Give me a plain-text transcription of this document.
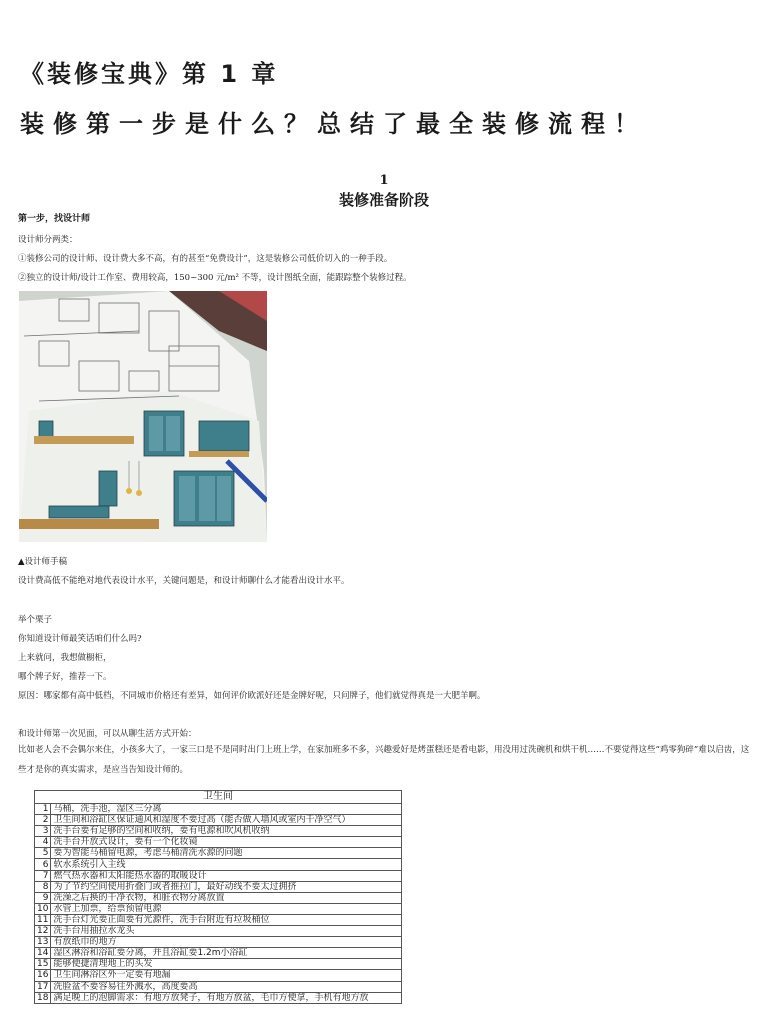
《装修宝典》第 1 章
装修第一步是什么？总结了最全装修流程！
1
装修准备阶段
第一步，找设计师
设计师分两类：
①装修公司的设计师、设计费大多不高，有的甚至“免费设计”，这是装修公司低价切入的一种手段。
②独立的设计师/设计工作室、费用较高，150~300 元/m² 不等，设计图纸全面，能跟踪整个装修过程。
▲设计师手稿
设计费高低不能绝对地代表设计水平，关键问题是，和设计师聊什么才能看出设计水平。
举个栗子
你知道设计师最笑话咱们什么吗?
上来就问，我想做橱柜，
哪个牌子好，推荐一下。
原因：哪家都有高中低档，不同城市价格还有差异，如何评价欧派好还是金牌好呢，只问牌子，他们就觉得真是一大肥羊啊。
和设计师第一次见面，可以从聊生活方式开始：
比如老人会不会偶尔来住，小孩多大了，一家三口是不是同时出门上班上学，在家加班多不多，兴趣爱好是烤蛋糕还是看电影，用没用过洗碗机和烘干机……不要觉得这些“鸡零狗碎”难以启齿，这些才是你的真实需求，是应当告知设计师的。
卫生间	
1	马桶，洗手池，湿区三分离
2	卫生间和浴缸区保证通风和湿度不要过高（能否做入墙风或室内干净空气）
3	洗手台要有足够的空间和收纳，要有电源和吹风机收纳
4	洗手台开放式设计，要有一个化妆镜
5	要为智能马桶留电源，考虑马桶清洗水源的问题
6	软水系统引入主线
7	燃气热水器和太阳能热水器的取暖设计
8	为了节约空间使用折叠门或者推拉门，最好动线不要太过拥挤
9	洗澡之后换的干净衣物，和脏衣物分离放置
10	水管上加票，给票预留电源
11	洗手台灯光要正面要有光源件，洗手台附近有垃圾桶位
12	洗手台用抽拉水龙头
13	有放纸巾的地方
14	湿区淋浴和浴缸要分离，并且浴缸要1.2m小浴缸
15	能够便捷清理地上的头发
16	卫生间淋浴区外一定要有地漏
17	洗脸盆不要容易往外溅水，高度要高
18	满足晚上的泡脚需求：有地方放凳子，有地方放盆，毛巾方便拿，手机有地方放
